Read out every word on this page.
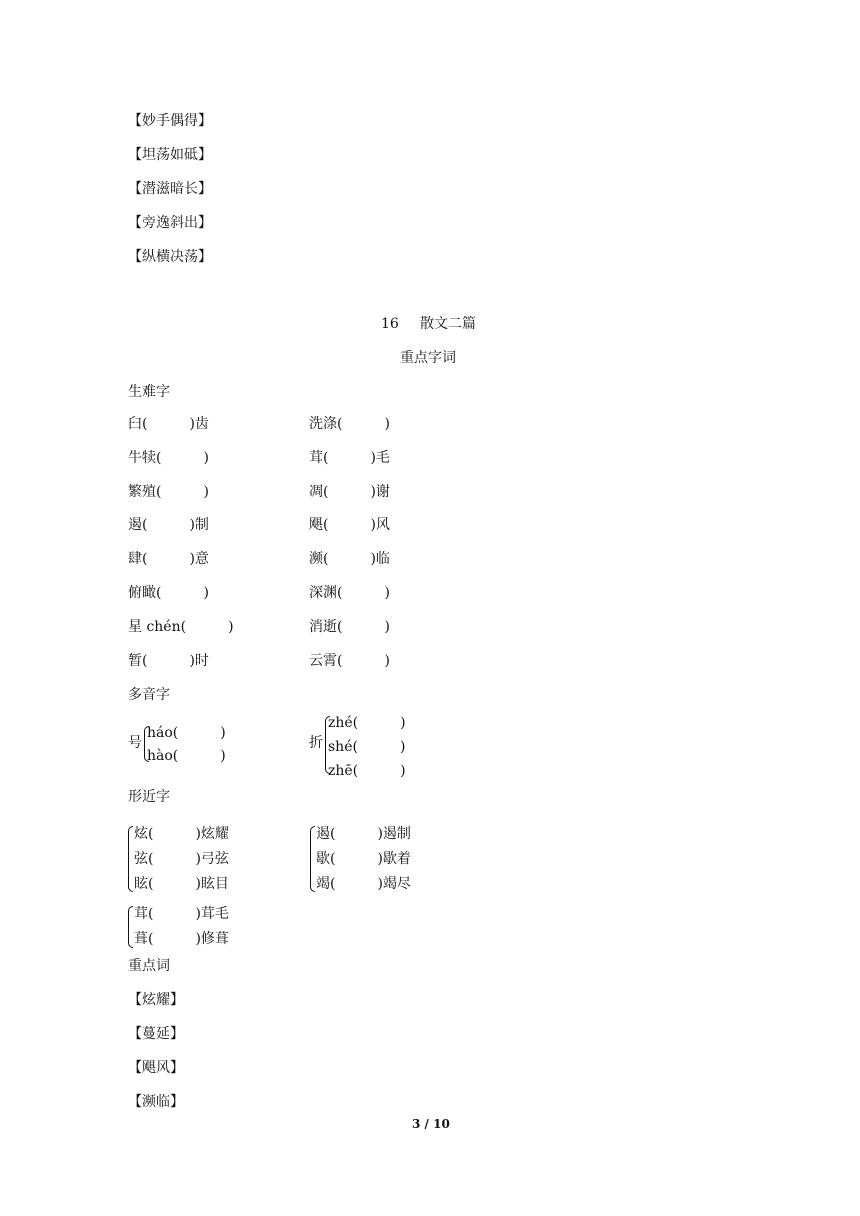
【妙手偶得】
【坦荡如砥】
【潜滋暗长】
【旁逸斜出】
【纵横决荡】
16 散文二篇
重点字词
生难字
臼(　　　)齿
牛犊(　　　)
繁殖(　　　)
遏(　　　)制
肆(　　　)意
俯瞰(　　　)
星 chén(　　　)
暂(　　　)时
洗涤(　　　)
茸(　　　)毛
凋(　　　)谢
飓(　　　)风
濒(　　　)临
深渊(　　　)
消逝(　　　)
云霄(　　　)
多音字
号
háo(　　　)
hào(　　　)
折
zhé(　　　)
shé(　　　)
zhē(　　　)
形近字
炫(　　　)炫耀
弦(　　　)弓弦
眩(　　　)眩目
遏(　　　)遏制
歇(　　　)歇着
竭(　　　)竭尽
茸(　　　)茸毛
葺(　　　)修葺
重点词
【炫耀】
【蔓延】
【飓风】
【濒临】
3 / 10
